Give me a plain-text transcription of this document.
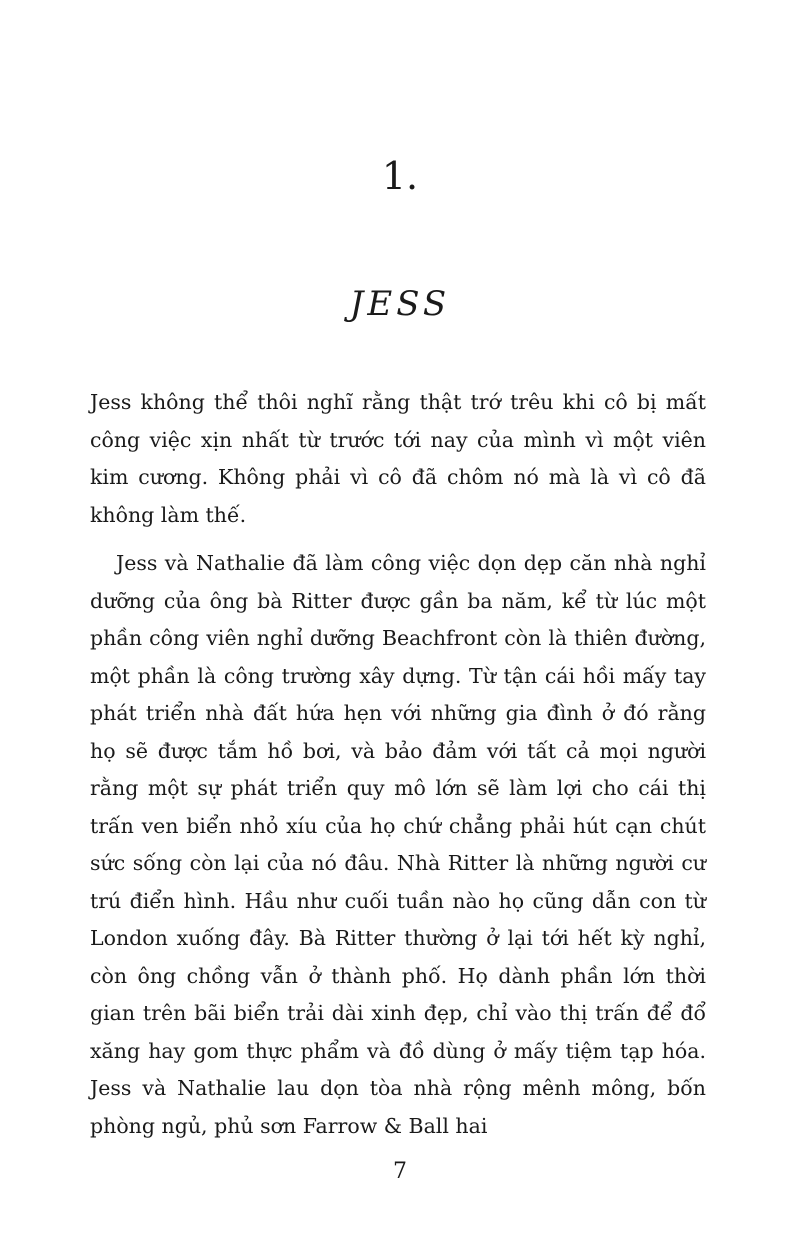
1.
JESS

Jess không thể thôi nghĩ rằng thật trớ trêu khi cô bị mất công việc xịn nhất từ trước tới nay của mình vì một viên kim cương. Không phải vì cô đã chôm nó mà là vì cô đã không làm thế.

Jess và Nathalie đã làm công việc dọn dẹp căn nhà nghỉ dưỡng của ông bà Ritter được gần ba năm, kể từ lúc một phần công viên nghỉ dưỡng Beachfront còn là thiên đường, một phần là công trường xây dựng. Từ tận cái hồi mấy tay phát triển nhà đất hứa hẹn với những gia đình ở đó rằng họ sẽ được tắm hồ bơi, và bảo đảm với tất cả mọi người rằng một sự phát triển quy mô lớn sẽ làm lợi cho cái thị trấn ven biển nhỏ xíu của họ chứ chẳng phải hút cạn chút sức sống còn lại của nó đâu. Nhà Ritter là những người cư trú điển hình. Hầu như cuối tuần nào họ cũng dẫn con từ London xuống đây. Bà Ritter thường ở lại tới hết kỳ nghỉ, còn ông chồng vẫn ở thành phố. Họ dành phần lớn thời gian trên bãi biển trải dài xinh đẹp, chỉ vào thị trấn để đổ xăng hay gom thực phẩm và đồ dùng ở mấy tiệm tạp hóa. Jess và Nathalie lau dọn tòa nhà rộng mênh mông, bốn phòng ngủ, phủ sơn Farrow & Ball hai

7
